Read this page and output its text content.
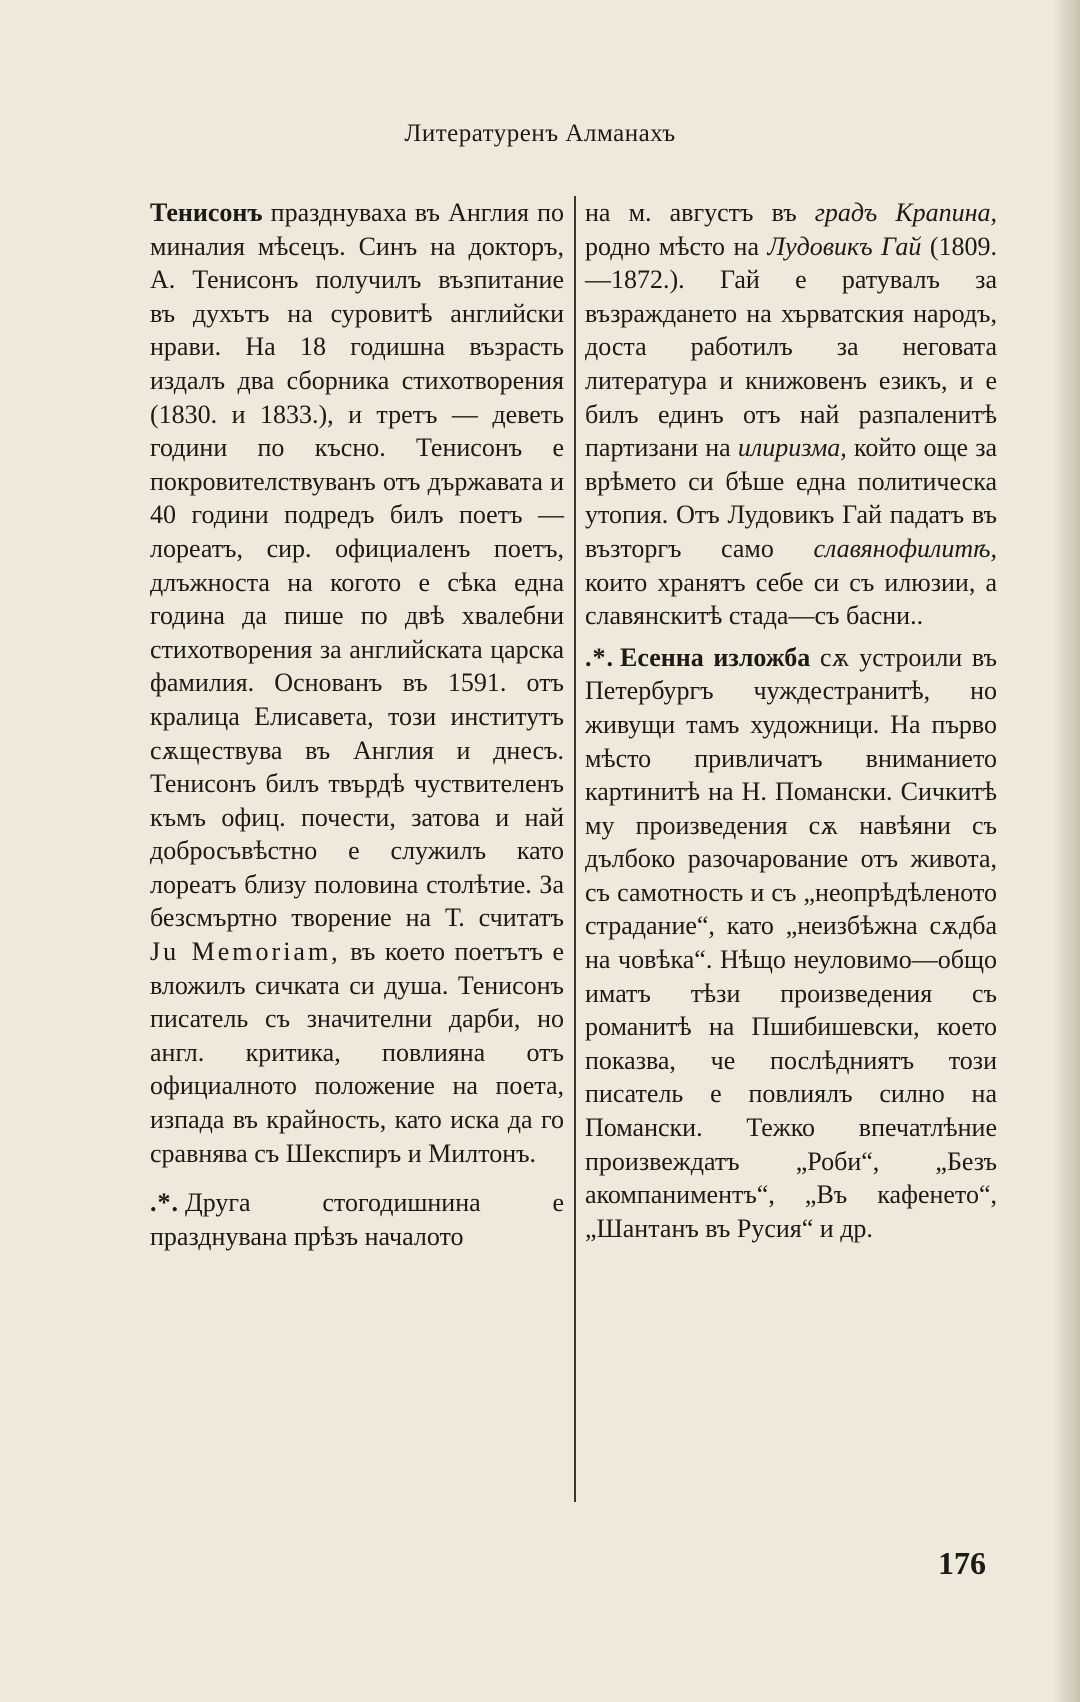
Литературенъ Алманахъ

Тенисонъ празднуваха въ Англия по миналия мѣсецъ. Синъ на докторъ, А. Тенисонъ получилъ възпитание въ духътъ на суровитѣ английски нрави. На 18 годишна възрасть издалъ два сборника стихотворения (1830. и 1833.), и третъ — деветь години по късно. Тенисонъ е покровителствуванъ отъ държавата и 40 години подредъ билъ поетъ — лореатъ, сир. официаленъ поетъ, длъжноста на когото е сѣка една година да пише по двѣ хвалебни стихотворения за английската царска фамилия. Основанъ въ 1591. отъ кралица Елисавета, този институтъ сѫществува въ Англия и днесъ. Тенисонъ билъ твърдѣ чуствителенъ къмъ офиц. почести, затова и най добросъвѣстно е служилъ като лореатъ близу половина столѣтие. За безсмъртно творение на Т. считатъ Ju Memoriam, въ което поетътъ е вложилъ сичката си душа. Тенисонъ писатель съ значителни дарби, но англ. критика, повлияна отъ официалното положение на поета, изпада въ крайность, като иска да го сравнява съ Шекспиръ и Милтонъ.

.*. Друга стогодишнина е празднувана прѣзъ началото

на м. августъ въ градъ Крапина, родно мѣсто на Лудовикъ Гай (1809.—1872.). Гай е ратувалъ за възраждането на хърватския народъ, доста работилъ за неговата литература и книжовенъ езикъ, и е билъ единъ отъ най разпаленитѣ партизани на илиризма, който още за врѣмето си бѣше една политическа утопия. Отъ Лудовикъ Гай падатъ въ възторгъ само славянофилитѣ, които хранятъ себе си съ илюзии, а славянскитѣ стада—съ басни..

.*. Есенна изложба сѫ устроили въ Петербургъ чуждестранитѣ, но живущи тамъ художници. На първо мѣсто привличатъ вниманието картинитѣ на Н. Помански. Сичкитѣ му произведения сѫ навѣяни съ дълбоко разочарование отъ живота, съ самотность и съ „неопрѣдѣленото страдание“, като „неизбѣжна сѫдба на човѣка“. Нѣщо неуловимо—общо иматъ тѣзи произведения съ романитѣ на Пшибишевски, което показва, че послѣдниятъ този писатель е повлиялъ силно на Помански. Тежко впечатлѣние произвеждатъ „Роби“, „Безъ акомпаниментъ“, „Въ кафенето“, „Шантанъ въ Русия“ и др.

176
